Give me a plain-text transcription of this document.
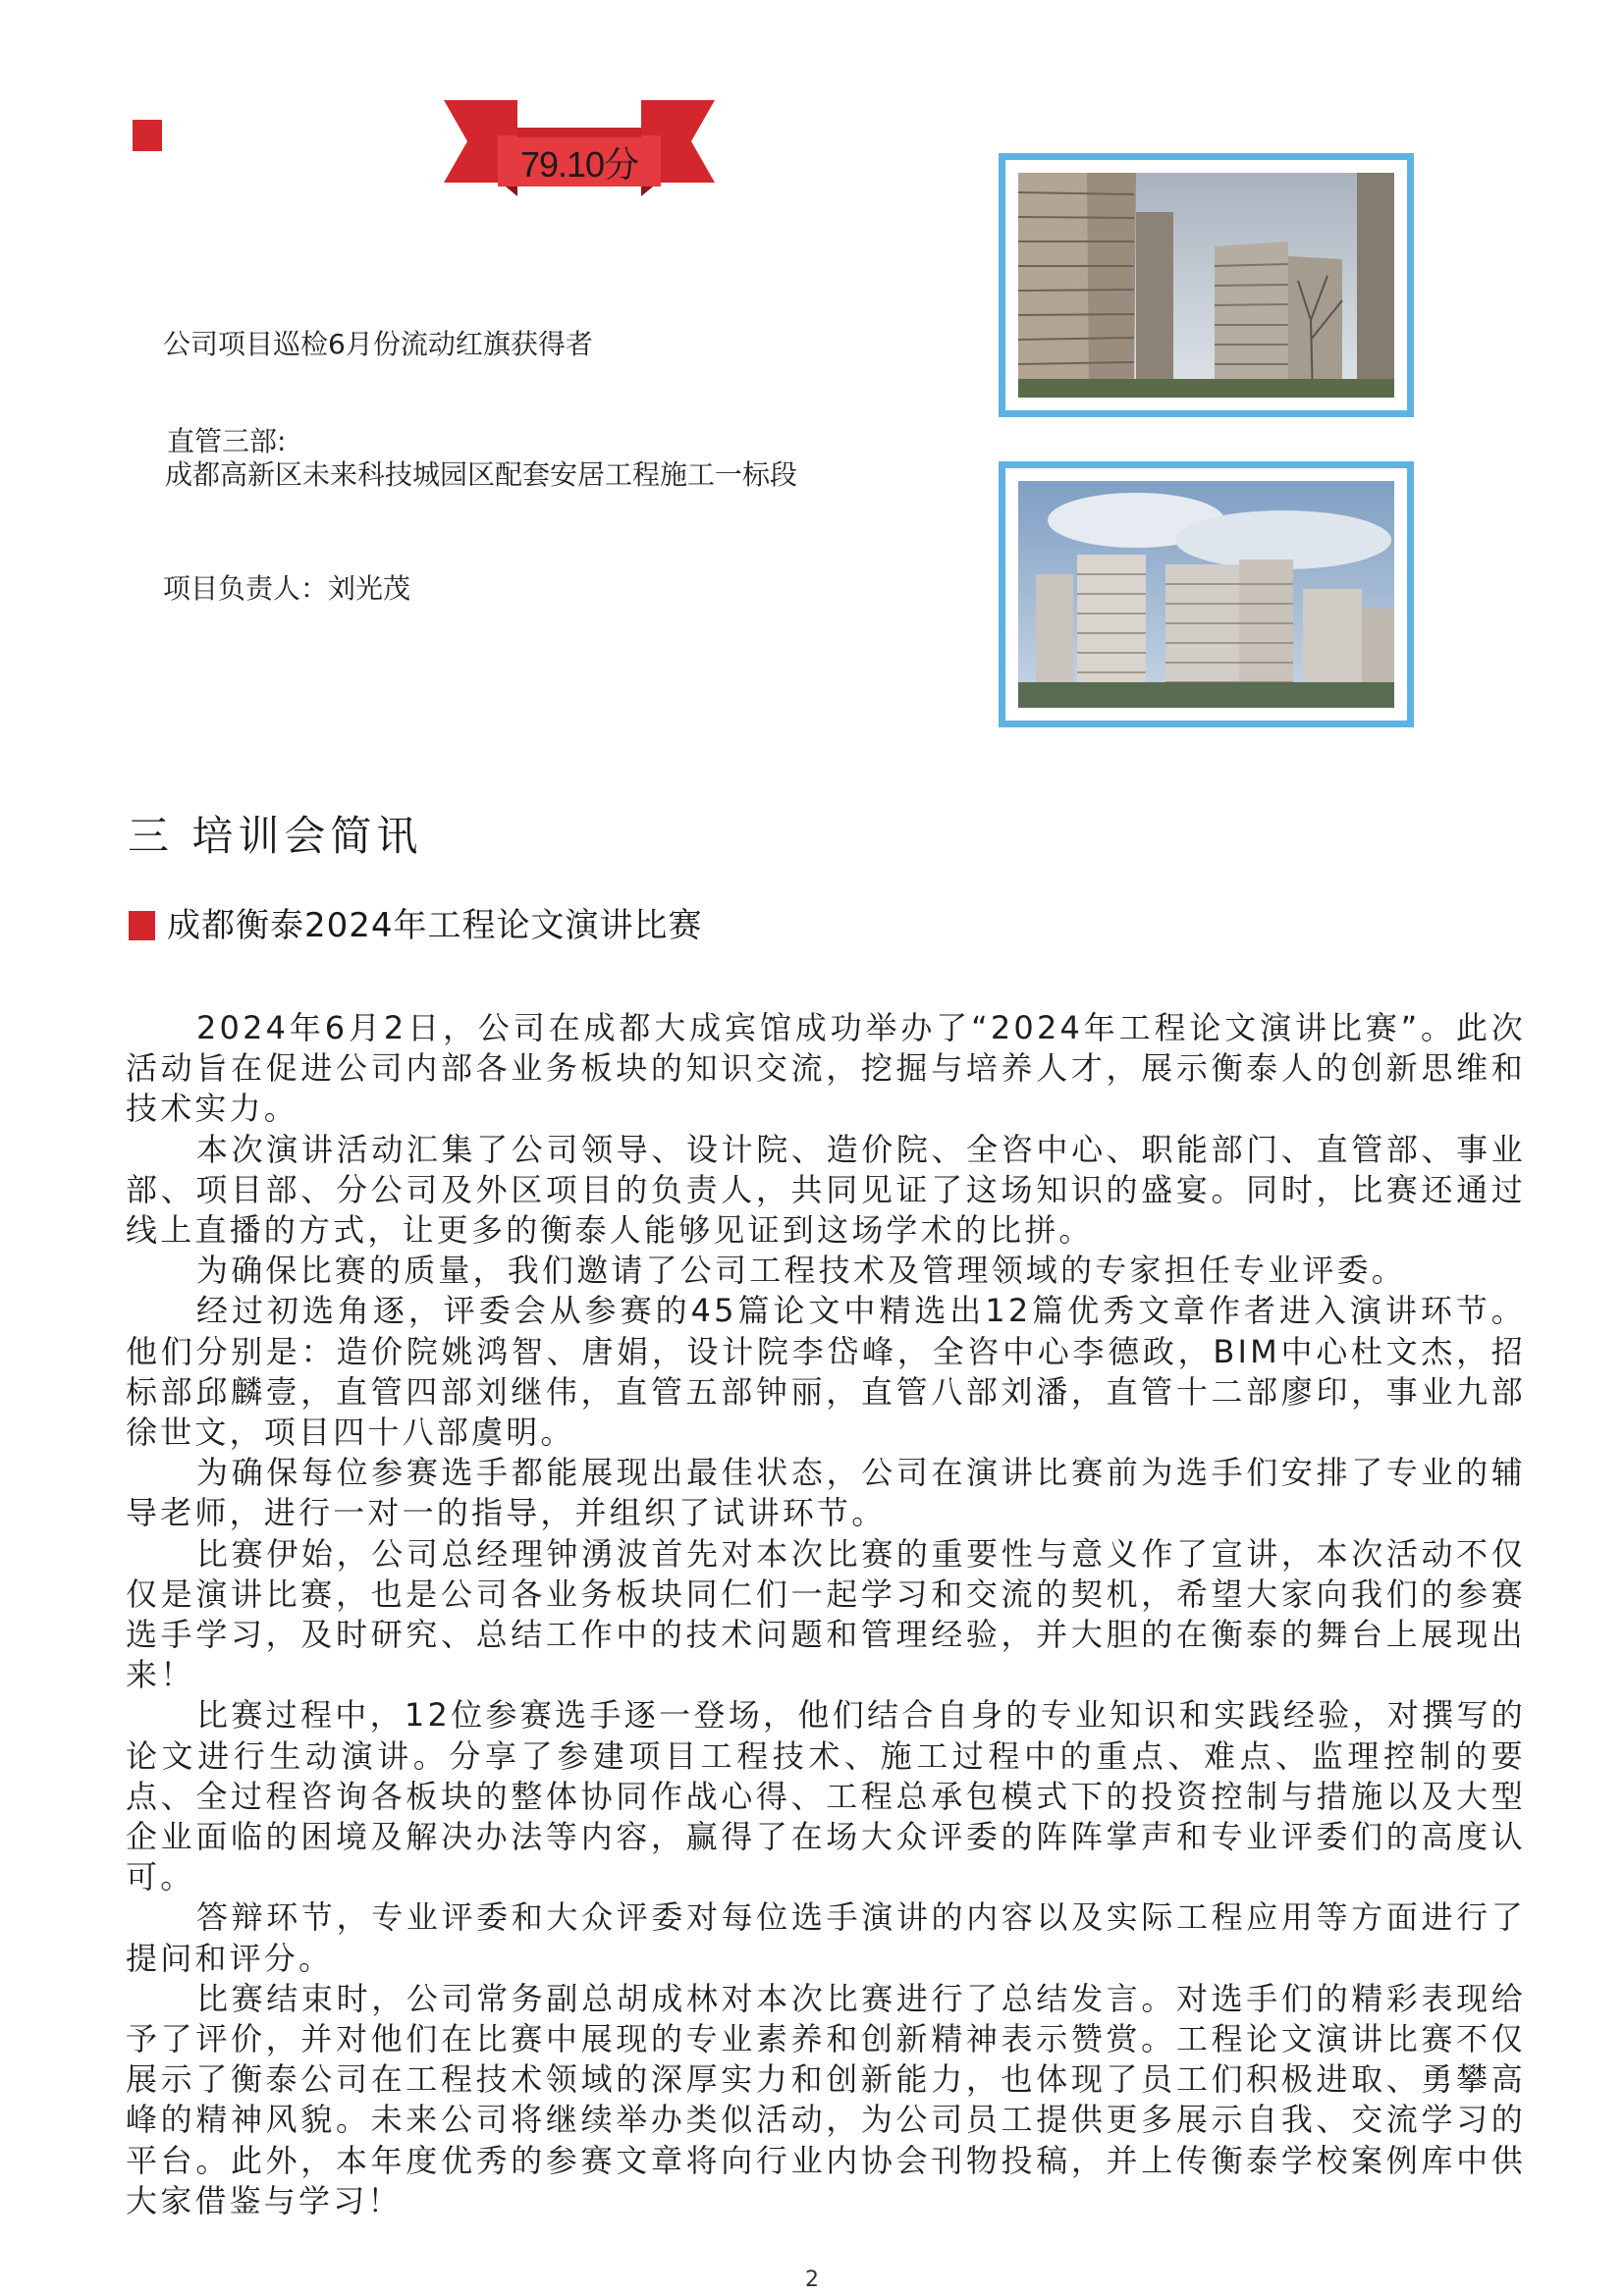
79.10分
公司项目巡检6月份流动红旗获得者
直管三部:
成都高新区未来科技城园区配套安居工程施工一标段
项目负责人：刘光茂
三 培训会简讯
成都衡泰2024年工程论文演讲比赛

2024年6月2日，公司在成都大成宾馆成功举办了“2024年工程论文演讲比赛”。此次活动旨在促进公司内部各业务板块的知识交流，挖掘与培养人才，展示衡泰人的创新思维和技术实力。

本次演讲活动汇集了公司领导、设计院、造价院、全咨中心、职能部门、直管部、事业部、项目部、分公司及外区项目的负责人，共同见证了这场知识的盛宴。同时，比赛还通过线上直播的方式，让更多的衡泰人能够见证到这场学术的比拼。

为确保比赛的质量，我们邀请了公司工程技术及管理领域的专家担任专业评委。

经过初选角逐，评委会从参赛的45篇论文中精选出12篇优秀文章作者进入演讲环节。他们分别是：造价院姚鸿智、唐娟，设计院李岱峰，全咨中心李德政，BIM中心杜文杰，招标部邱麟壹，直管四部刘继伟，直管五部钟丽，直管八部刘潘，直管十二部廖印，事业九部徐世文，项目四十八部虞明。

为确保每位参赛选手都能展现出最佳状态，公司在演讲比赛前为选手们安排了专业的辅导老师，进行一对一的指导，并组织了试讲环节。

比赛伊始，公司总经理钟湧波首先对本次比赛的重要性与意义作了宣讲，本次活动不仅仅是演讲比赛，也是公司各业务板块同仁们一起学习和交流的契机，希望大家向我们的参赛选手学习，及时研究、总结工作中的技术问题和管理经验，并大胆的在衡泰的舞台上展现出来！

比赛过程中，12位参赛选手逐一登场，他们结合自身的专业知识和实践经验，对撰写的论文进行生动演讲。分享了参建项目工程技术、施工过程中的重点、难点、监理控制的要点、全过程咨询各板块的整体协同作战心得、工程总承包模式下的投资控制与措施以及大型企业面临的困境及解决办法等内容，赢得了在场大众评委的阵阵掌声和专业评委们的高度认可。

答辩环节，专业评委和大众评委对每位选手演讲的内容以及实际工程应用等方面进行了提问和评分。

比赛结束时，公司常务副总胡成林对本次比赛进行了总结发言。对选手们的精彩表现给予了评价，并对他们在比赛中展现的专业素养和创新精神表示赞赏。工程论文演讲比赛不仅展示了衡泰公司在工程技术领域的深厚实力和创新能力，也体现了员工们积极进取、勇攀高峰的精神风貌。未来公司将继续举办类似活动，为公司员工提供更多展示自我、交流学习的平台。此外，本年度优秀的参赛文章将向行业内协会刊物投稿，并上传衡泰学校案例库中供大家借鉴与学习！

2
